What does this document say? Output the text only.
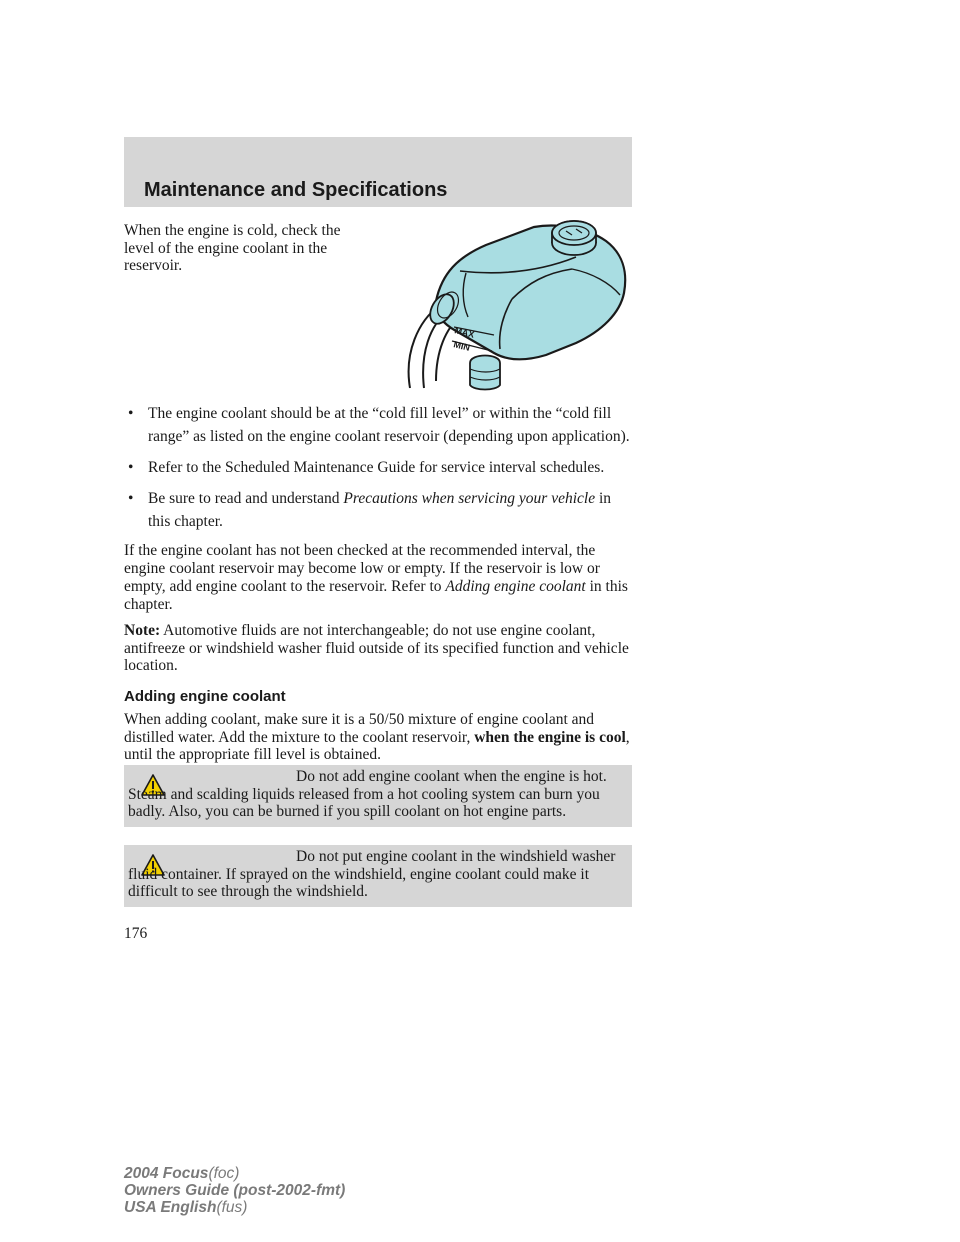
Maintenance and Specifications

When the engine is cold, check the level of the engine coolant in the reservoir.

MAX
MIN
• The engine coolant should be at the “cold fill level” or within the “cold fill range” as listed on the engine coolant reservoir (depending upon application).
• Refer to the Scheduled Maintenance Guide for service interval schedules.
• Be sure to read and understand Precautions when servicing your vehicle in this chapter.

If the engine coolant has not been checked at the recommended interval, the engine coolant reservoir may become low or empty. If the reservoir is low or empty, add engine coolant to the reservoir. Refer to Adding engine coolant in this chapter.

Note: Automotive fluids are not interchangeable; do not use engine coolant, antifreeze or windshield washer fluid outside of its specified function and vehicle location.

Adding engine coolant

When adding coolant, make sure it is a 50/50 mixture of engine coolant and distilled water. Add the mixture to the coolant reservoir, when the engine is cool, until the appropriate fill level is obtained.

Do not add engine coolant when the engine is hot. Steam and scalding liquids released from a hot cooling system can burn you badly. Also, you can be burned if you spill coolant on hot engine parts.

Do not put engine coolant in the windshield washer fluid container. If sprayed on the windshield, engine coolant could make it difficult to see through the windshield.

176

2004 Focus(foc)
Owners Guide (post-2002-fmt)
USA English(fus)
